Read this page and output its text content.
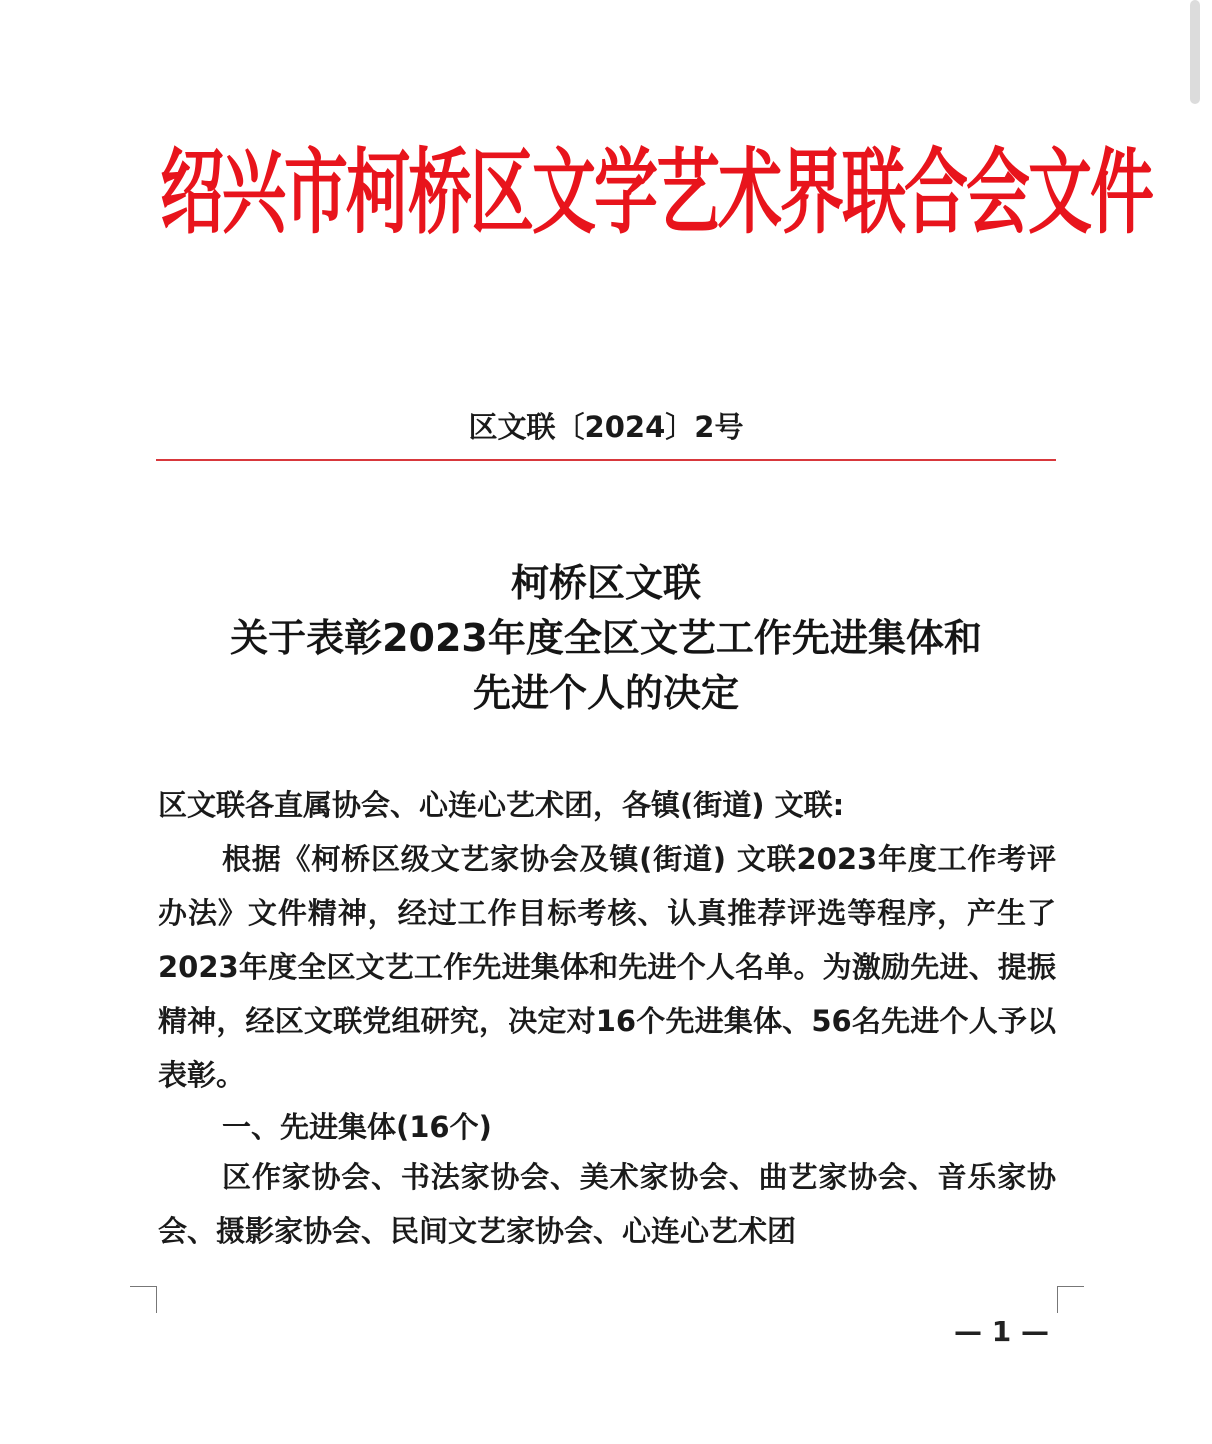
绍兴市柯桥区文学艺术界联合会文件
区文联〔2024〕2号
柯桥区文联
关于表彰2023年度全区文艺工作先进集体和
先进个人的决定
区文联各直属协会、心连心艺术团，各镇(街道) 文联:

根据《柯桥区级文艺家协会及镇(街道) 文联2023年度工作考评办法》文件精神，经过工作目标考核、认真推荐评选等程序，产生了2023年度全区文艺工作先进集体和先进个人名单。为激励先进、提振精神，经区文联党组研究，决定对16个先进集体、56名先进个人予以表彰。

一、先进集体(16个)

区作家协会、书法家协会、美术家协会、曲艺家协会、音乐家协会、摄影家协会、民间文艺家协会、心连心艺术团

— 1 —
